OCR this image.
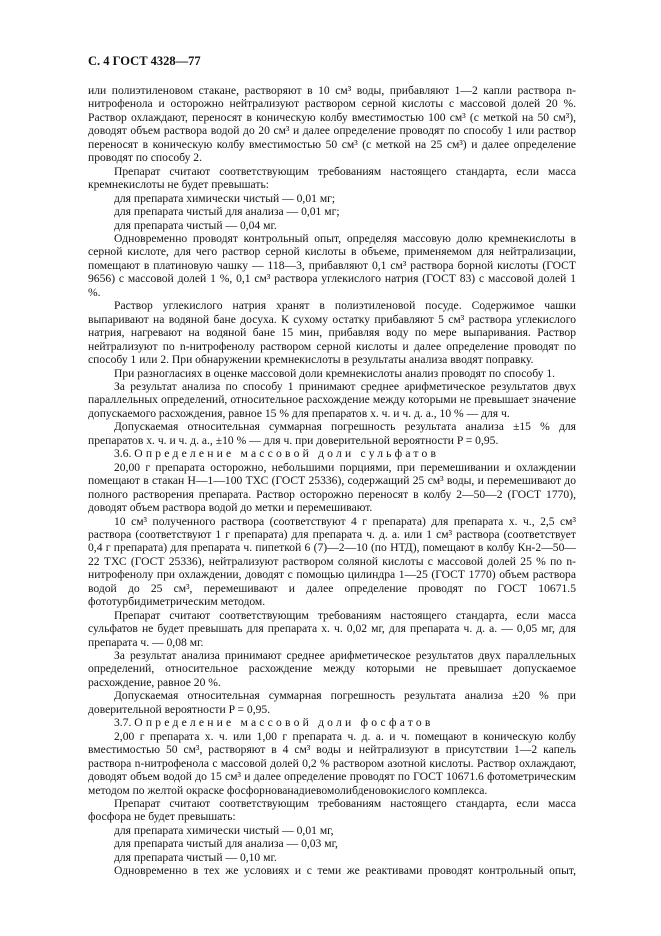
С. 4 ГОСТ 4328—77
или полиэтиленовом стакане, растворяют в 10 см³ воды, прибавляют 1—2 капли раствора n-нитрофенола и осторожно нейтрализуют раствором серной кислоты с массовой долей 20 %. Раствор охлаждают, переносят в коническую колбу вместимостью 100 см³ (с меткой на 50 см³), доводят объем раствора водой до 20 см³ и далее определение проводят по способу 1 или раствор переносят в коническую колбу вместимостью 50 см³ (с меткой на 25 см³) и далее определение проводят по способу 2.
Препарат считают соответствующим требованиям настоящего стандарта, если масса кремнекислоты не будет превышать:
для препарата химически чистый — 0,01 мг;
для препарата чистый для анализа — 0,01 мг;
для препарата чистый — 0,04 мг.
Одновременно проводят контрольный опыт, определяя массовую долю кремнекислоты в серной кислоте, для чего раствор серной кислоты в объеме, применяемом для нейтрализации, помещают в платиновую чашку — 118—3, прибавляют 0,1 см³ раствора борной кислоты (ГОСТ 9656) с массовой долей 1 %, 0,1 см³ раствора углекислого натрия (ГОСТ 83) с массовой долей 1 %.
Раствор углекислого натрия хранят в полиэтиленовой посуде. Содержимое чашки выпаривают на водяной бане досуха. К сухому остатку прибавляют 5 см³ раствора углекислого натрия, нагревают на водяной бане 15 мин, прибавляя воду по мере выпаривания. Раствор нейтрализуют по n-нитрофенолу раствором серной кислоты и далее определение проводят по способу 1 или 2. При обнаружении кремнекислоты в результаты анализа вводят поправку.
При разногласиях в оценке массовой доли кремнекислоты анализ проводят по способу 1.
За результат анализа по способу 1 принимают среднее арифметическое результатов двух параллельных определений, относительное расхождение между которыми не превышает значение допускаемого расхождения, равное 15 % для препаратов х. ч. и ч. д. а., 10 % — для ч.
Допускаемая относительная суммарная погрешность результата анализа ±15 % для препаратов х. ч. и ч. д. а., ±10 % — для ч. при доверительной вероятности P = 0,95.
3.6. Определение массовой доли сульфатов
20,00 г препарата осторожно, небольшими порциями, при перемешивании и охлаждении помещают в стакан Н—1—100 ТХС (ГОСТ 25336), содержащий 25 см³ воды, и перемешивают до полного растворения препарата. Раствор осторожно переносят в колбу 2—50—2 (ГОСТ 1770), доводят объем раствора водой до метки и перемешивают.
10 см³ полученного раствора (соответствуют 4 г препарата) для препарата х. ч., 2,5 см³ раствора (соответствуют 1 г препарата) для препарата ч. д. а. или 1 см³ раствора (соответствует 0,4 г препарата) для препарата ч. пипеткой 6 (7)—2—10 (по НТД), помещают в колбу Кн-2—50—22 ТХС (ГОСТ 25336), нейтрализуют раствором соляной кислоты с массовой долей 25 % по n-нитрофенолу при охлаждении, доводят с помощью цилиндра 1—25 (ГОСТ 1770) объем раствора водой до 25 см³, перемешивают и далее определение проводят по ГОСТ 10671.5 фототурбидиметрическим методом.
Препарат считают соответствующим требованиям настоящего стандарта, если масса сульфатов не будет превышать для препарата х. ч. 0,02 мг, для препарата ч. д. а. — 0,05 мг, для препарата ч. — 0,08 мг.
За результат анализа принимают среднее арифметическое результатов двух параллельных определений, относительное расхождение между которыми не превышает допускаемое расхождение, равное 20 %.
Допускаемая относительная суммарная погрешность результата анализа ±20 % при доверительной вероятности P = 0,95.
3.7. Определение массовой доли фосфатов
2,00 г препарата х. ч. или 1,00 г препарата ч. д. а. и ч. помещают в коническую колбу вместимостью 50 см³, растворяют в 4 см³ воды и нейтрализуют в присутствии 1—2 капель раствора n-нитрофенола с массовой долей 0,2 % раствором азотной кислоты. Раствор охлаждают, доводят объем водой до 15 см³ и далее определение проводят по ГОСТ 10671.6 фотометрическим методом по желтой окраске фосфорнованадиевомолибденовокислого комплекса.
Препарат считают соответствующим требованиям настоящего стандарта, если масса фосфора не будет превышать:
для препарата химически чистый — 0,01 мг,
для препарата чистый для анализа — 0,03 мг,
для препарата чистый — 0,10 мг.
Одновременно в тех же условиях и с теми же реактивами проводят контрольный опыт,
